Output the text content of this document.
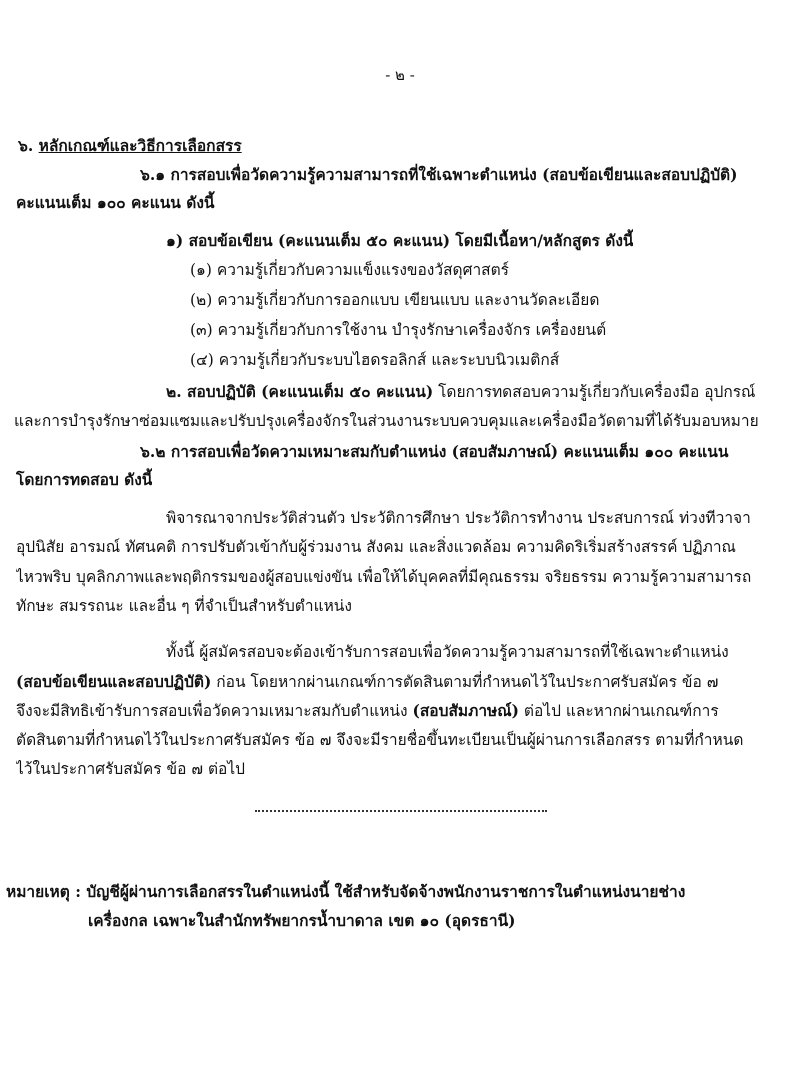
- ๒ -
๖. หลักเกณฑ์และวิธีการเลือกสรร
๖.๑ การสอบเพื่อวัดความรู้ความสามารถที่ใช้เฉพาะตำแหน่ง (สอบข้อเขียนและสอบปฏิบัติ)
คะแนนเต็ม ๑๐๐ คะแนน ดังนี้
๑) สอบข้อเขียน (คะแนนเต็ม ๕๐ คะแนน) โดยมีเนื้อหา/หลักสูตร ดังนี้
(๑) ความรู้เกี่ยวกับความแข็งแรงของวัสดุศาสตร์
(๒) ความรู้เกี่ยวกับการออกแบบ เขียนแบบ และงานวัดละเอียด
(๓) ความรู้เกี่ยวกับการใช้งาน บำรุงรักษาเครื่องจักร เครื่องยนต์
(๔) ความรู้เกี่ยวกับระบบไฮดรอลิกส์ และระบบนิวเมติกส์
๒. สอบปฏิบัติ (คะแนนเต็ม ๕๐ คะแนน) โดยการทดสอบความรู้เกี่ยวกับเครื่องมือ อุปกรณ์
และการบำรุงรักษาซ่อมแซมและปรับปรุงเครื่องจักรในส่วนงานระบบควบคุมและเครื่องมือวัดตามที่ได้รับมอบหมาย
๖.๒ การสอบเพื่อวัดความเหมาะสมกับตำแหน่ง (สอบสัมภาษณ์) คะแนนเต็ม ๑๐๐ คะแนน
โดยการทดสอบ ดังนี้
พิจารณาจากประวัติส่วนตัว ประวัติการศึกษา ประวัติการทำงาน ประสบการณ์ ท่วงทีวาจา
อุปนิสัย อารมณ์ ทัศนคติ การปรับตัวเข้ากับผู้ร่วมงาน สังคม และสิ่งแวดล้อม ความคิดริเริ่มสร้างสรรค์ ปฏิภาณ
ไหวพริบ บุคลิกภาพและพฤติกรรมของผู้สอบแข่งขัน เพื่อให้ได้บุคคลที่มีคุณธรรม จริยธรรม ความรู้ความสามารถ
ทักษะ สมรรถนะ และอื่น ๆ ที่จำเป็นสำหรับตำแหน่ง
ทั้งนี้ ผู้สมัครสอบจะต้องเข้ารับการสอบเพื่อวัดความรู้ความสามารถที่ใช้เฉพาะตำแหน่ง
(สอบข้อเขียนและสอบปฏิบัติ) ก่อน โดยหากผ่านเกณฑ์การตัดสินตามที่กำหนดไว้ในประกาศรับสมัคร ข้อ ๗
จึงจะมีสิทธิเข้ารับการสอบเพื่อวัดความเหมาะสมกับตำแหน่ง (สอบสัมภาษณ์) ต่อไป และหากผ่านเกณฑ์การ
ตัดสินตามที่กำหนดไว้ในประกาศรับสมัคร ข้อ ๗ จึงจะมีรายชื่อขึ้นทะเบียนเป็นผู้ผ่านการเลือกสรร ตามที่กำหนด
ไว้ในประกาศรับสมัคร ข้อ ๗ ต่อไป
หมายเหตุ : บัญชีผู้ผ่านการเลือกสรรในตำแหน่งนี้ ใช้สำหรับจัดจ้างพนักงานราชการในตำแหน่งนายช่าง
เครื่องกล เฉพาะในสำนักทรัพยากรน้ำบาดาล เขต ๑๐ (อุดรธานี)
